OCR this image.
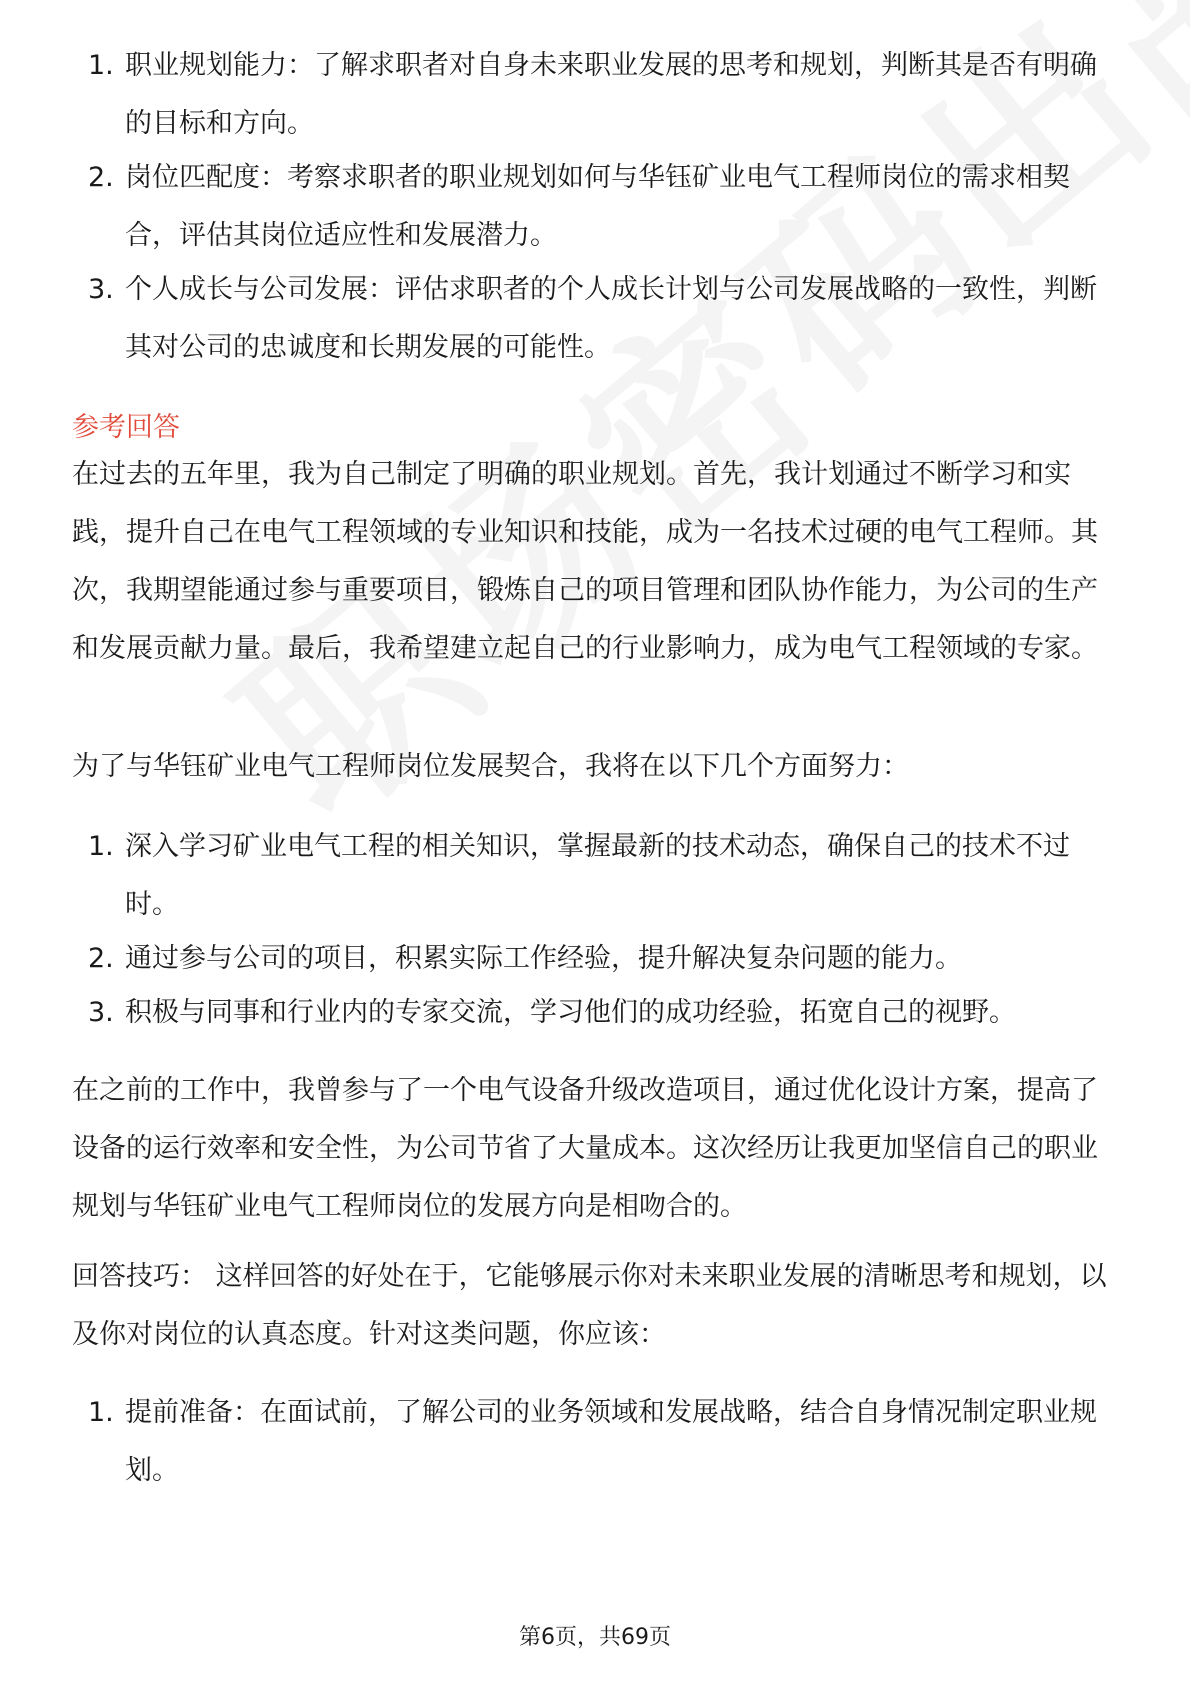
1. 职业规划能力：了解求职者对自身未来职业发展的思考和规划，判断其是否有明确的目标和方向。
2. 岗位匹配度：考察求职者的职业规划如何与华钰矿业电气工程师岗位的需求相契合，评估其岗位适应性和发展潜力。
3. 个人成长与公司发展：评估求职者的个人成长计划与公司发展战略的一致性，判断其对公司的忠诚度和长期发展的可能性。
参考回答

在过去的五年里，我为自己制定了明确的职业规划。首先，我计划通过不断学习和实践，提升自己在电气工程领域的专业知识和技能，成为一名技术过硬的电气工程师。其次，我期望能通过参与重要项目，锻炼自己的项目管理和团队协作能力，为公司的生产和发展贡献力量。最后，我希望建立起自己的行业影响力，成为电气工程领域的专家。

为了与华钰矿业电气工程师岗位发展契合，我将在以下几个方面努力：

1. 深入学习矿业电气工程的相关知识，掌握最新的技术动态，确保自己的技术不过时。
2. 通过参与公司的项目，积累实际工作经验，提升解决复杂问题的能力。
3. 积极与同事和行业内的专家交流，学习他们的成功经验，拓宽自己的视野。

在之前的工作中，我曾参与了一个电气设备升级改造项目，通过优化设计方案，提高了设备的运行效率和安全性，为公司节省了大量成本。这次经历让我更加坚信自己的职业规划与华钰矿业电气工程师岗位的发展方向是相吻合的。

回答技巧： 这样回答的好处在于，它能够展示你对未来职业发展的清晰思考和规划，以及你对岗位的认真态度。针对这类问题，你应该：

1. 提前准备：在面试前，了解公司的业务领域和发展战略，结合自身情况制定职业规划。
第6页，共69页
